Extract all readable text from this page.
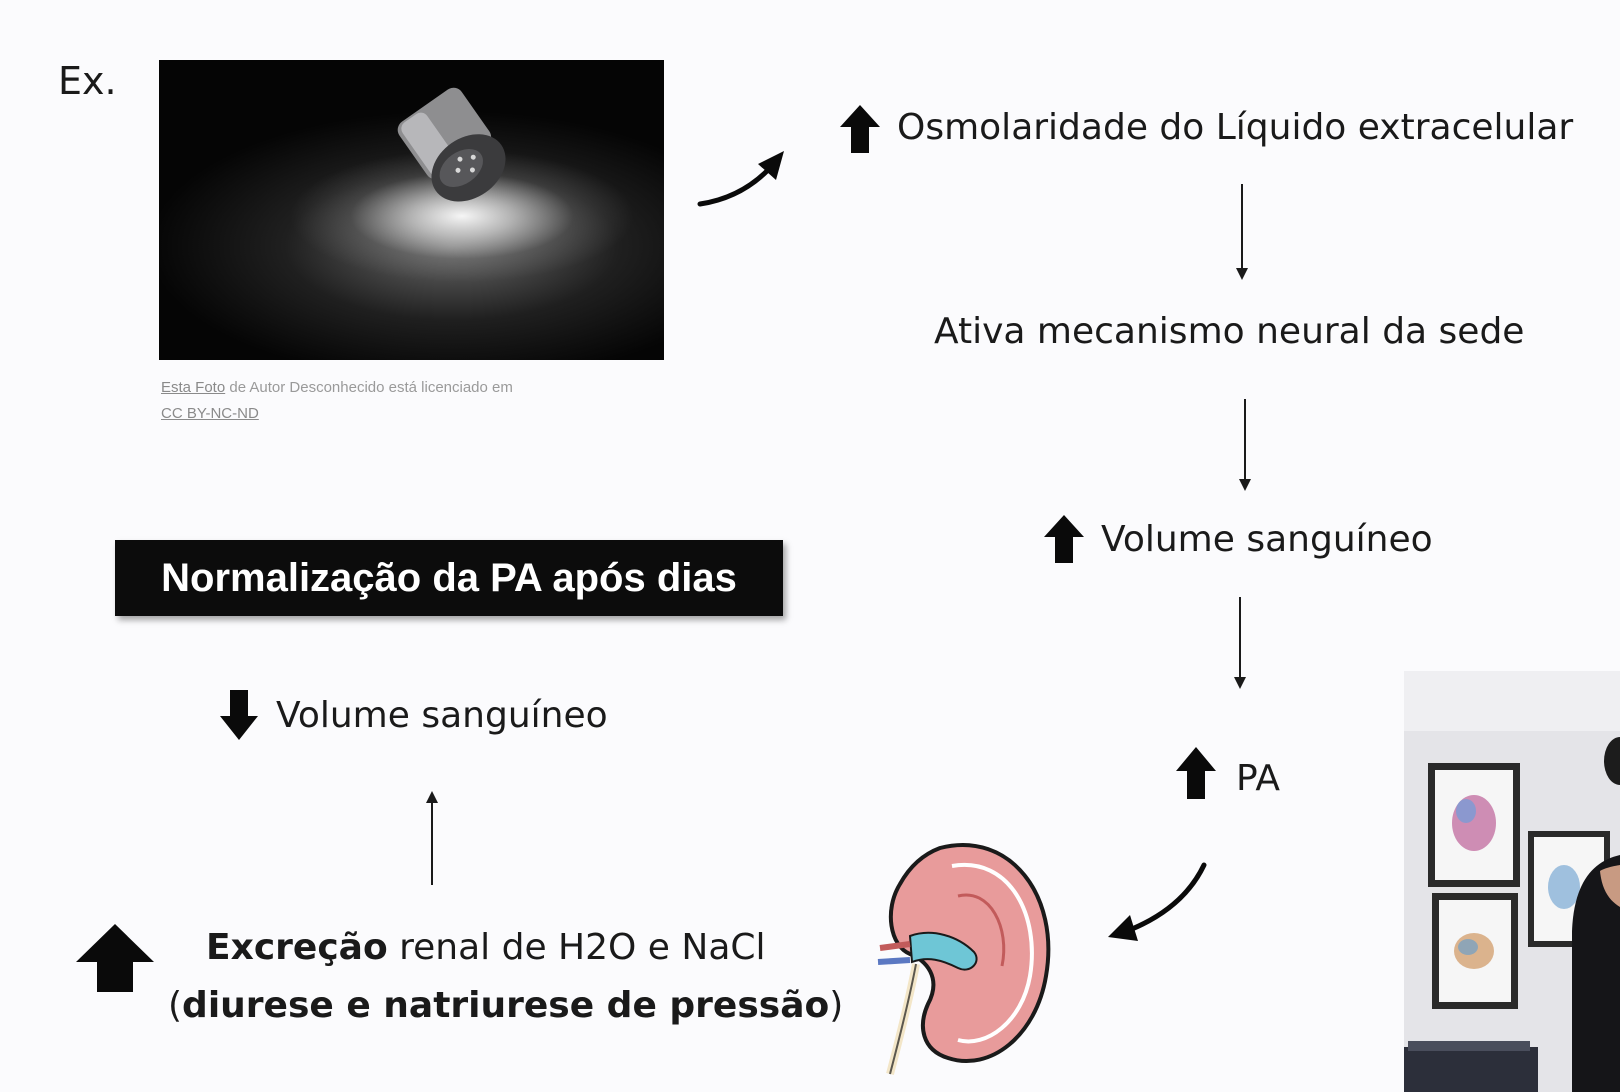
Ex.
Esta Foto de Autor Desconhecido está licenciado em
CC BY-NC-ND
Osmolaridade do Líquido extracelular
Ativa mecanismo neural da sede
Volume sanguíneo
PA
Normalização da PA após dias
Volume sanguíneo
Excreção renal de H2O e NaCl
(diurese e natriurese de pressão)
